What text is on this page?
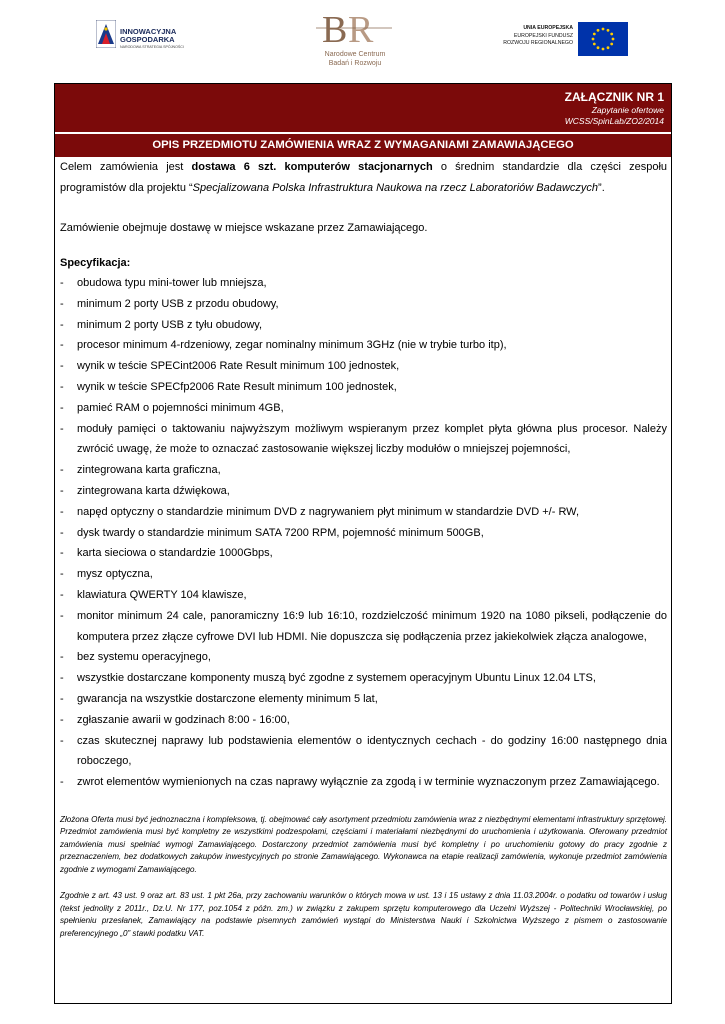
INNOWACYJNA
GOSPODARKA
NARODOWA STRATEGIA SPÓJNOŚCI	B R
Narodowe Centrum
Badań i Rozwoju
UNIA EUROPEJSKA
EUROPEJSKI FUNDUSZ
ROZWOJU REGIONALNEGO
ZAŁĄCZNIK NR 1
Zapytanie ofertowe
WCSS/SpinLab/ZO2/2014
OPIS PRZEDMIOTU ZAMÓWIENIA WRAZ Z WYMAGANIAMI ZAMAWIAJĄCEGO

Celem zamówienia jest dostawa 6 szt. komputerów stacjonarnych o średnim standardzie dla części zespołu programistów dla projektu “Specjalizowana Polska Infrastruktura Naukowa na rzecz Laboratoriów Badawczych”.

Zamówienie obejmuje dostawę w miejsce wskazane przez Zamawiającego.

Specyfikacja:

- obudowa typu mini-tower lub mniejsza,
- minimum 2 porty USB z przodu obudowy,
- minimum 2 porty USB z tyłu obudowy,
- procesor minimum 4-rdzeniowy, zegar nominalny minimum 3GHz (nie w trybie turbo itp),
- wynik w teście SPECint2006 Rate Result minimum 100 jednostek,
- wynik w teście SPECfp2006 Rate Result minimum 100 jednostek,
- pamieć RAM o pojemności minimum 4GB,
- moduły pamięci o taktowaniu najwyższym możliwym wspieranym przez komplet płyta główna plus procesor. Należy zwrócić uwagę, że może to oznaczać zastosowanie większej liczby modułów o mniejszej pojemności,
- zintegrowana karta graficzna,
- zintegrowana karta dźwiękowa,
- napęd optyczny o standardzie minimum DVD z nagrywaniem płyt minimum w standardzie DVD +/- RW,
- dysk twardy o standardzie minimum SATA 7200 RPM, pojemność minimum 500GB,
- karta sieciowa o standardzie 1000Gbps,
- mysz optyczna,
- klawiatura QWERTY 104 klawisze,
- monitor minimum 24 cale, panoramiczny 16:9 lub 16:10, rozdzielczość minimum 1920 na 1080 pikseli, podłączenie do komputera przez złącze cyfrowe DVI lub HDMI. Nie dopuszcza się podłączenia przez jakiekolwiek złącza analogowe,
- bez systemu operacyjnego,
- wszystkie dostarczane komponenty muszą być zgodne z systemem operacyjnym Ubuntu Linux 12.04 LTS,
- gwarancja na wszystkie dostarczone elementy minimum 5 lat,
- zgłaszanie awarii w godzinach 8:00 - 16:00,
- czas skutecznej naprawy lub podstawienia elementów o identycznych cechach - do godziny 16:00 następnego dnia roboczego,
- zwrot elementów wymienionych na czas naprawy wyłącznie za zgodą i w terminie wyznaczonym przez Zamawiającego.

Złożona Oferta musi być jednoznaczna i kompleksowa, tj. obejmować cały asortyment przedmiotu zamówienia wraz z niezbędnymi elementami infrastruktury sprzętowej. Przedmiot zamówienia musi być kompletny ze wszystkimi podzespołami, częściami i materiałami niezbędnymi do uruchomienia i użytkowania. Oferowany przedmiot zamówienia musi spełniać wymogi Zamawiającego. Dostarczony przedmiot zamówienia musi być kompletny i po uruchomieniu gotowy do pracy zgodnie z przeznaczeniem, bez dodatkowych zakupów inwestycyjnych po stronie Zamawiającego. Wykonawca na etapie realizacji zamówienia, wykonuje przedmiot zamówienia zgodnie z wymogami Zamawiającego.

Zgodnie z art. 43 ust. 9 oraz art. 83 ust. 1 pkt 26a, przy zachowaniu warunków o których mowa w ust. 13 i 15 ustawy z dnia 11.03.2004r. o podatku od towarów i usług (tekst jednolity z 2011r., Dz.U. Nr 177, poz.1054 z późn. zm.) w związku z zakupem sprzętu komputerowego dla Uczelni Wyższej - Politechniki Wrocławskiej, po spełnieniu przesłanek, Zamawiający na podstawie pisemnych zamówień wystąpi do Ministerstwa Nauki i Szkolnictwa Wyższego z pismem o zastosowanie preferencyjnego „0” stawki podatku VAT.
